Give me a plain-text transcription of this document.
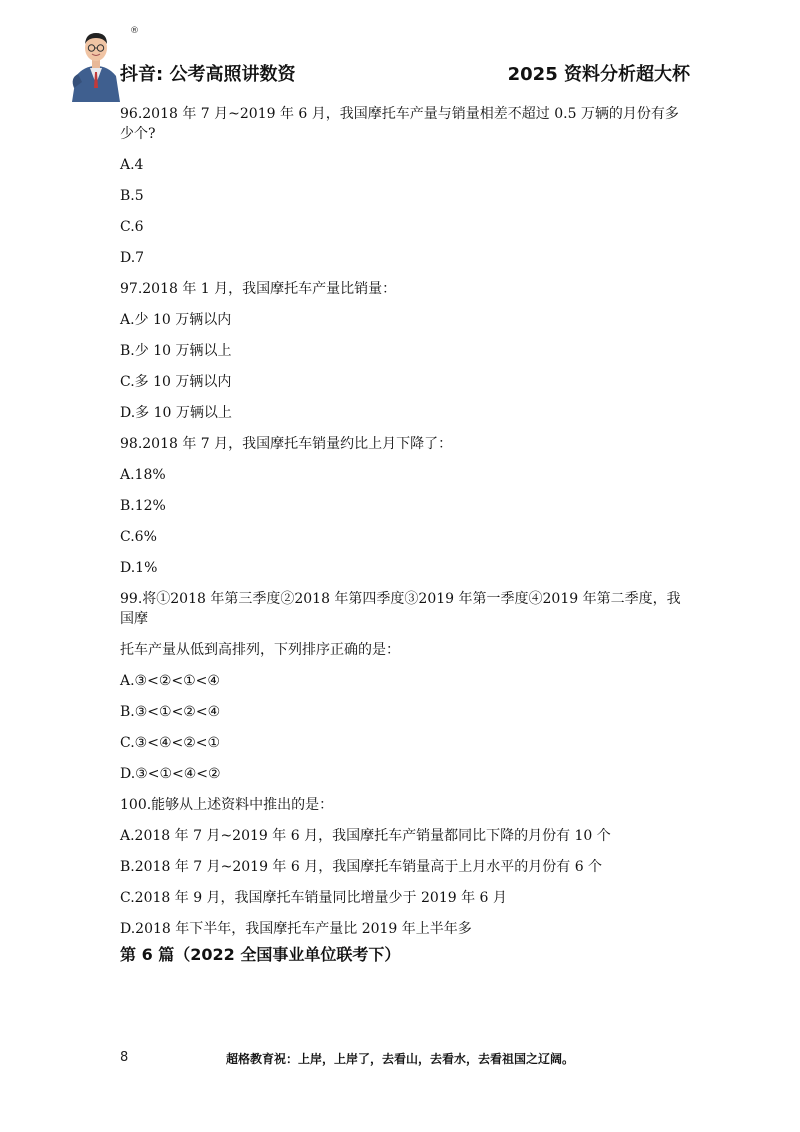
®
抖音: 公考高照讲数资	2025 资料分析超大杯
96.2018 年 7 月~2019 年 6 月，我国摩托车产量与销量相差不超过 0.5 万辆的月份有多少个?
A.4
B.5
C.6
D.7
97.2018 年 1 月，我国摩托车产量比销量：
A.少 10 万辆以内
B.少 10 万辆以上
C.多 10 万辆以内
D.多 10 万辆以上
98.2018 年 7 月，我国摩托车销量约比上月下降了：
A.18%
B.12%
C.6%
D.1%
99.将①2018 年第三季度②2018 年第四季度③2019 年第一季度④2019 年第二季度，我国摩
托车产量从低到高排列，下列排序正确的是：
A.③<②<①<④
B.③<①<②<④
C.③<④<②<①
D.③<①<④<②
100.能够从上述资料中推出的是：
A.2018 年 7 月~2019 年 6 月，我国摩托车产销量都同比下降的月份有 10 个
B.2018 年 7 月~2019 年 6 月，我国摩托车销量高于上月水平的月份有 6 个
C.2018 年 9 月，我国摩托车销量同比增量少于 2019 年 6 月
D.2018 年下半年，我国摩托车产量比 2019 年上半年多
第 6 篇（2022 全国事业单位联考下）
8	超格教育祝：上岸，上岸了，去看山，去看水，去看祖国之辽阔。
